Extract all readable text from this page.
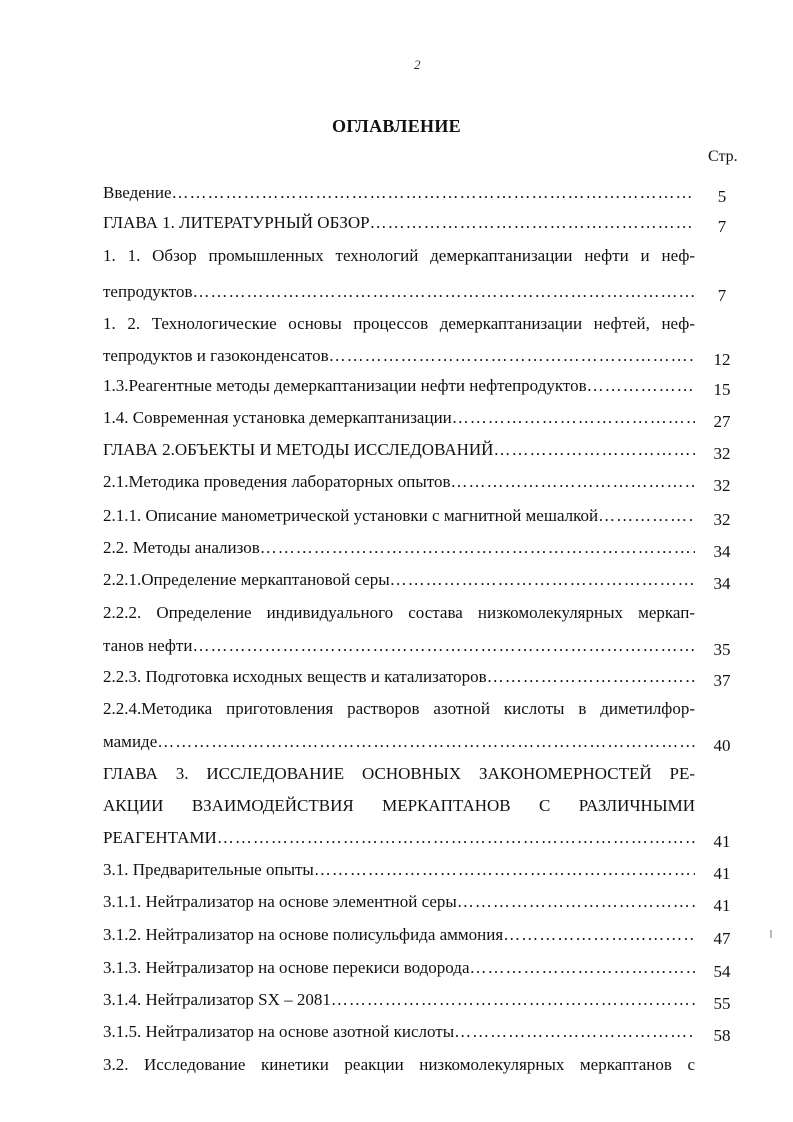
2
ОГЛАВЛЕНИЕ
Стр.
Введение …………………………………………………………………………………………………………………………………………	5
ГЛАВА 1. ЛИТЕРАТУРНЫЙ ОБЗОР …………………………………………………………………………………………………………………………………………	7
1. 1. Обзор промышленных технологий демеркаптанизации нефти и неф-
тепродуктов …………………………………………………………………………………………………………………………………………	7
1. 2. Технологические основы процессов демеркаптанизации нефтей, неф-
тепродуктов и газоконденсатов …………………………………………………………………………………………………………………………………………	12
1.3.Реагентные методы демеркаптанизации нефти нефтепродуктов …………………………………………………………………………………………………………………………………………	15
1.4. Современная установка демеркаптанизации …………………………………………………………………………………………………………………………………………	27
ГЛАВА 2.ОБЪЕКТЫ И МЕТОДЫ ИССЛЕДОВАНИЙ …………………………………………………………………………………………………………………………………………	32
2.1.Методика проведения лабораторных опытов …………………………………………………………………………………………………………………………………………	32
2.1.1. Описание манометрической установки с магнитной мешалкой …………………………………………………………………………………………………………………………………………	32
2.2. Методы анализов …………………………………………………………………………………………………………………………………………	34
2.2.1.Определение меркаптановой серы …………………………………………………………………………………………………………………………………………	34
2.2.2. Определение индивидуального состава низкомолекулярных меркап-
танов нефти …………………………………………………………………………………………………………………………………………	35
2.2.3. Подготовка исходных веществ и катализаторов …………………………………………………………………………………………………………………………………………	37
2.2.4.Методика приготовления растворов азотной кислоты в диметилфор-
мамиде …………………………………………………………………………………………………………………………………………	40
ГЛАВА 3. ИССЛЕДОВАНИЕ ОСНОВНЫХ ЗАКОНОМЕРНОСТЕЙ РЕ-
АКЦИИ ВЗАИМОДЕЙСТВИЯ МЕРКАПТАНОВ С РАЗЛИЧНЫМИ
РЕАГЕНТАМИ …………………………………………………………………………………………………………………………………………	41
3.1. Предварительные опыты …………………………………………………………………………………………………………………………………………	41
3.1.1. Нейтрализатор на основе элементной серы …………………………………………………………………………………………………………………………………………	41
3.1.2. Нейтрализатор на основе полисульфида аммония …………………………………………………………………………………………………………………………………………	47
3.1.3. Нейтрализатор на основе перекиси водорода …………………………………………………………………………………………………………………………………………	54
3.1.4. Нейтрализатор SX – 2081 …………………………………………………………………………………………………………………………………………	55
3.1.5. Нейтрализатор на основе азотной кислоты …………………………………………………………………………………………………………………………………………	58
3.2. Исследование кинетики реакции низкомолекулярных меркаптанов с
